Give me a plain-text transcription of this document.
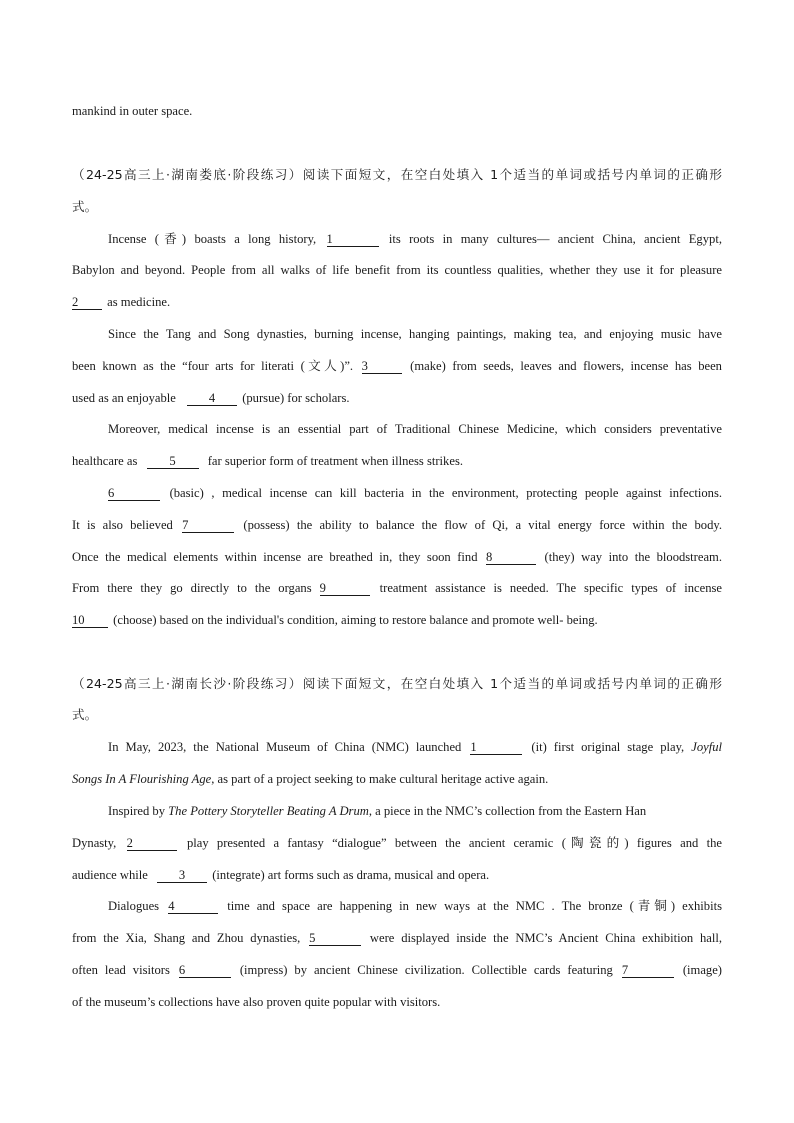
mankind in outer space.
（24-25高三上·湖南娄底·阶段练习）阅读下面短文，在空白处填入 1个适当的单词或括号内单词的正确形
式。
Incense (香) boasts a long history, 1	its roots in many cultures— ancient China, ancient Egypt,
Babylon and beyond. People from all walks of life benefit from its countless qualities, whether they use it for pleasure
2 as medicine.
Since the Tang and Song dynasties, burning incense, hanging paintings, making tea, and enjoying music have
been known as the “four arts for literati (文人)”. 3	(make) from seeds, leaves and flowers, incense has been
used as an enjoyable	4 (pursue) for scholars.
Moreover, medical incense is an essential part of Traditional Chinese Medicine, which considers preventative
healthcare as	5	far superior form of treatment when illness strikes.
6	(basic) , medical incense can kill bacteria in the environment, protecting people against infections.
It is also believed 7	(possess) the ability to balance the flow of Qi, a vital energy force within the body.
Once the medical elements within incense are breathed in, they soon find 8	(they) way into the bloodstream.
From there they go directly to the organs 9	treatment assistance is needed. The specific types of incense
10 (choose) based on the individual's condition, aiming to restore balance and promote well- being.
（24-25高三上·湖南长沙·阶段练习）阅读下面短文，在空白处填入 1个适当的单词或括号内单词的正确形
式。
In May, 2023, the National Museum of China (NMC) launched 1	(it) first original stage play, Joyful
Songs In A Flourishing Age, as part of a project seeking to make cultural heritage active again.
Inspired by The Pottery Storyteller Beating A Drum, a piece in the NMC’s collection from the Eastern Han
Dynasty, 2	play presented a fantasy “dialogue” between the ancient ceramic (陶瓷的) figures and the
audience while 3 (integrate) art forms such as drama, musical and opera.
Dialogues 4	time and space are happening in new ways at the NMC . The bronze (青铜) exhibits
from the Xia, Shang and Zhou dynasties, 5	were displayed inside the NMC’s Ancient China exhibition hall,
often lead visitors 6	(impress) by ancient Chinese civilization. Collectible cards featuring 7	(image)
of the museum’s collections have also proven quite popular with visitors.
